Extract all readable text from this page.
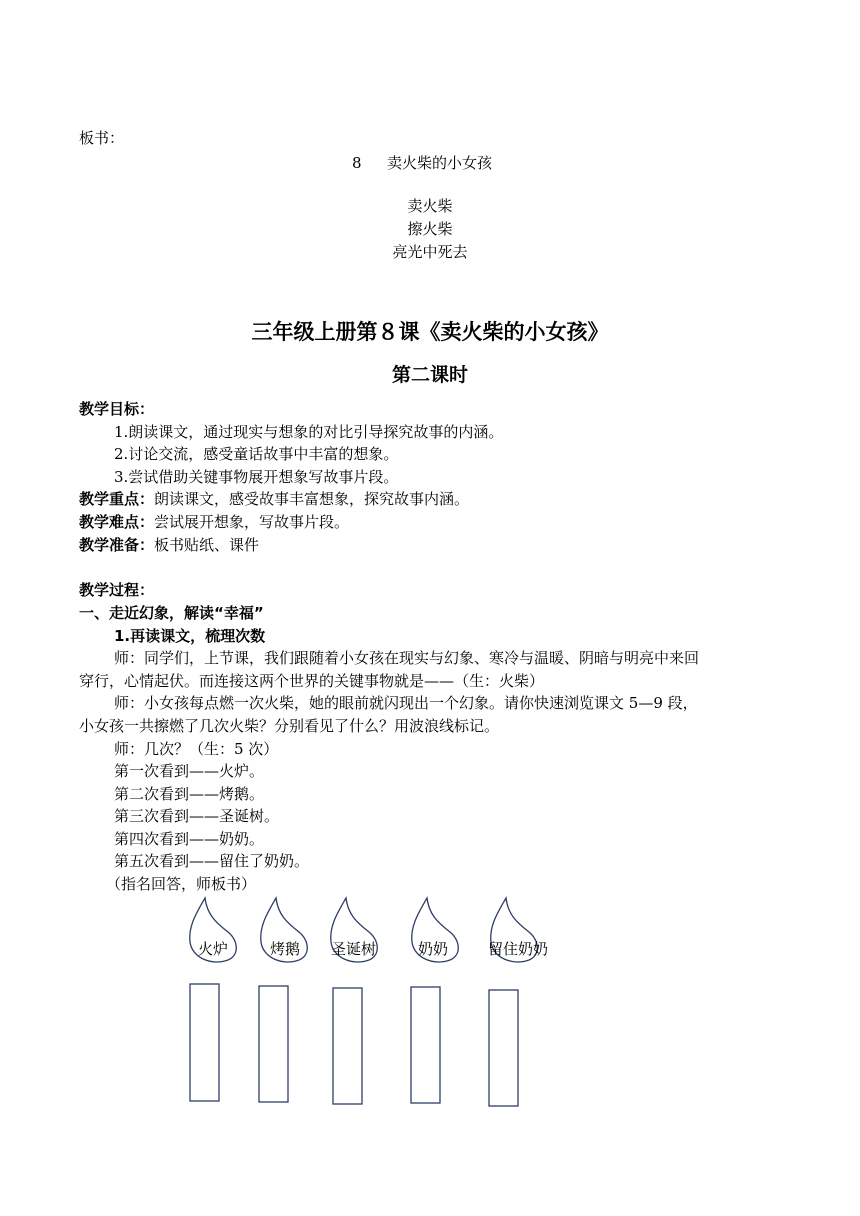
板书：
8 卖火柴的小女孩
卖火柴
擦火柴
亮光中死去
三年级上册第８课《卖火柴的小女孩》
第二课时
教学目标：
1.朗读课文，通过现实与想象的对比引导探究故事的内涵。
2.讨论交流，感受童话故事中丰富的想象。
3.尝试借助关键事物展开想象写故事片段。
教学重点：朗读课文，感受故事丰富想象，探究故事内涵。
教学难点：尝试展开想象，写故事片段。
教学准备：板书贴纸、课件
教学过程：
一、走近幻象，解读“幸福”
1.再读课文，梳理次数
师：同学们，上节课，我们跟随着小女孩在现实与幻象、寒冷与温暖、阴暗与明亮中来回
穿行，心情起伏。而连接这两个世界的关键事物就是——（生：火柴）
师：小女孩每点燃一次火柴，她的眼前就闪现出一个幻象。请你快速浏览课文 5—9 段，
小女孩一共擦燃了几次火柴？分别看见了什么？用波浪线标记。
师：几次？（生：5 次）
第一次看到——火炉。
第二次看到——烤鹅。
第三次看到——圣诞树。
第四次看到——奶奶。
第五次看到——留住了奶奶。
（指名回答，师板书）
火炉	烤鹅 圣诞树	奶奶	留住奶奶
